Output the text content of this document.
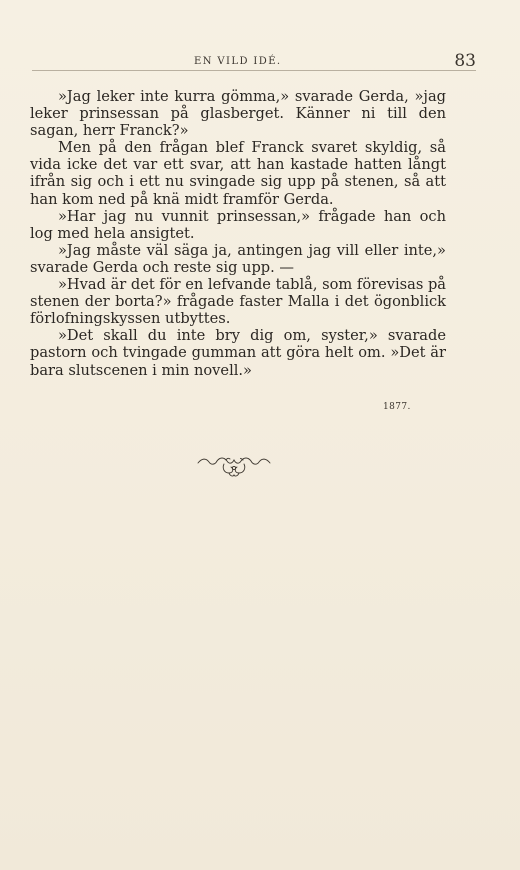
EN VILD IDÉ.	83

»Jag leker inte kurra gömma,» svarade Gerda, »jag leker prinsessan på glasberget. Känner ni till den sagan, herr Franck?»

Men på den frågan blef Franck svaret skyldig, så vida icke det var ett svar, att han kastade hatten långt ifrån sig och i ett nu svingade sig upp på stenen, så att han kom ned på knä midt framför Gerda.

»Har jag nu vunnit prinsessan,» frågade han och log med hela ansigtet.

»Jag måste väl säga ja, antingen jag vill eller inte,» svarade Gerda och reste sig upp. —

»Hvad är det för en lefvande tablå, som förevisas på stenen der borta?» frågade faster Malla i det ögonblick förlofningskyssen utbyttes.

»Det skall du inte bry dig om, syster,» svarade pastorn och tvingade gumman att göra helt om. »Det är bara slutscenen i min novell.»

1877.
